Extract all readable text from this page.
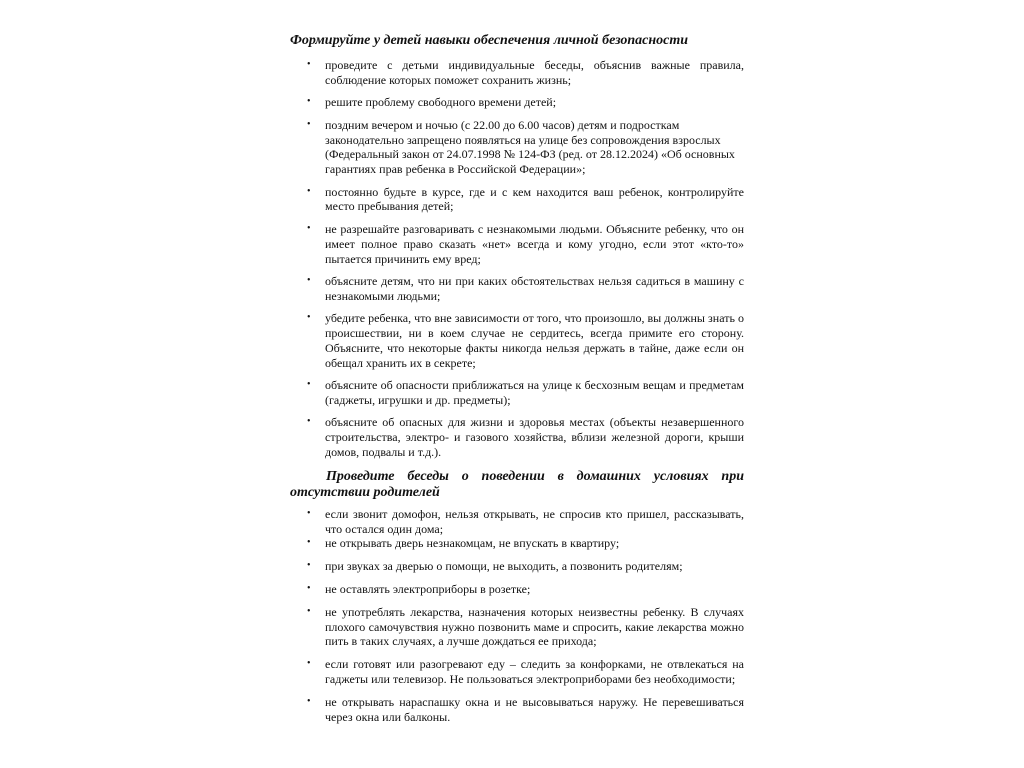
Формируйте у детей навыки обеспечения личной безопасности
• проведите с детьми индивидуальные беседы, объяснив важные правила, соблюдение которых поможет сохранить жизнь;
• решите проблему свободного времени детей;
• поздним вечером и ночью (с 22.00 до 6.00 часов) детям и подросткам законодательно запрещено появляться на улице без сопровождения взрослых (Федеральный закон от 24.07.1998 № 124-ФЗ (ред. от 28.12.2024) «Об основных гарантиях прав ребенка в Российской Федерации»;
• постоянно будьте в курсе, где и с кем находится ваш ребенок, контролируйте место пребывания детей;
• не разрешайте разговаривать с незнакомыми людьми. Объясните ребенку, что он имеет полное право сказать «нет» всегда и кому угодно, если этот «кто-то» пытается причинить ему вред;
• объясните детям, что ни при каких обстоятельствах нельзя садиться в машину с незнакомыми людьми;
• убедите ребенка, что вне зависимости от того, что произошло, вы должны знать о происшествии, ни в коем случае не сердитесь, всегда примите его сторону. Объясните, что некоторые факты никогда нельзя держать в тайне, даже если он обещал хранить их в секрете;
• объясните об опасности приближаться на улице к бесхозным вещам и предметам (гаджеты, игрушки и др. предметы);
• объясните об опасных для жизни и здоровья местах (объекты незавершенного строительства, электро- и газового хозяйства, вблизи железной дороги, крыши домов, подвалы и т.д.).
Проведите беседы о поведении в домашних условиях при отсутствии родителей
• если звонит домофон, нельзя открывать, не спросив кто пришел, рассказывать, что остался один дома;
• не открывать дверь незнакомцам, не впускать в квартиру;
• при звуках за дверью о помощи, не выходить, а позвонить родителям;
• не оставлять электроприборы в розетке;
• не употреблять лекарства, назначения которых неизвестны ребенку. В случаях плохого самочувствия нужно позвонить маме и спросить, какие лекарства можно пить в таких случаях, а лучше дождаться ее прихода;
• если готовят или разогревают еду – следить за конфорками, не отвлекаться на гаджеты или телевизор. Не пользоваться электроприборами без необходимости;
• не открывать нараспашку окна и не высовываться наружу. Не перевешиваться через окна или балконы.
